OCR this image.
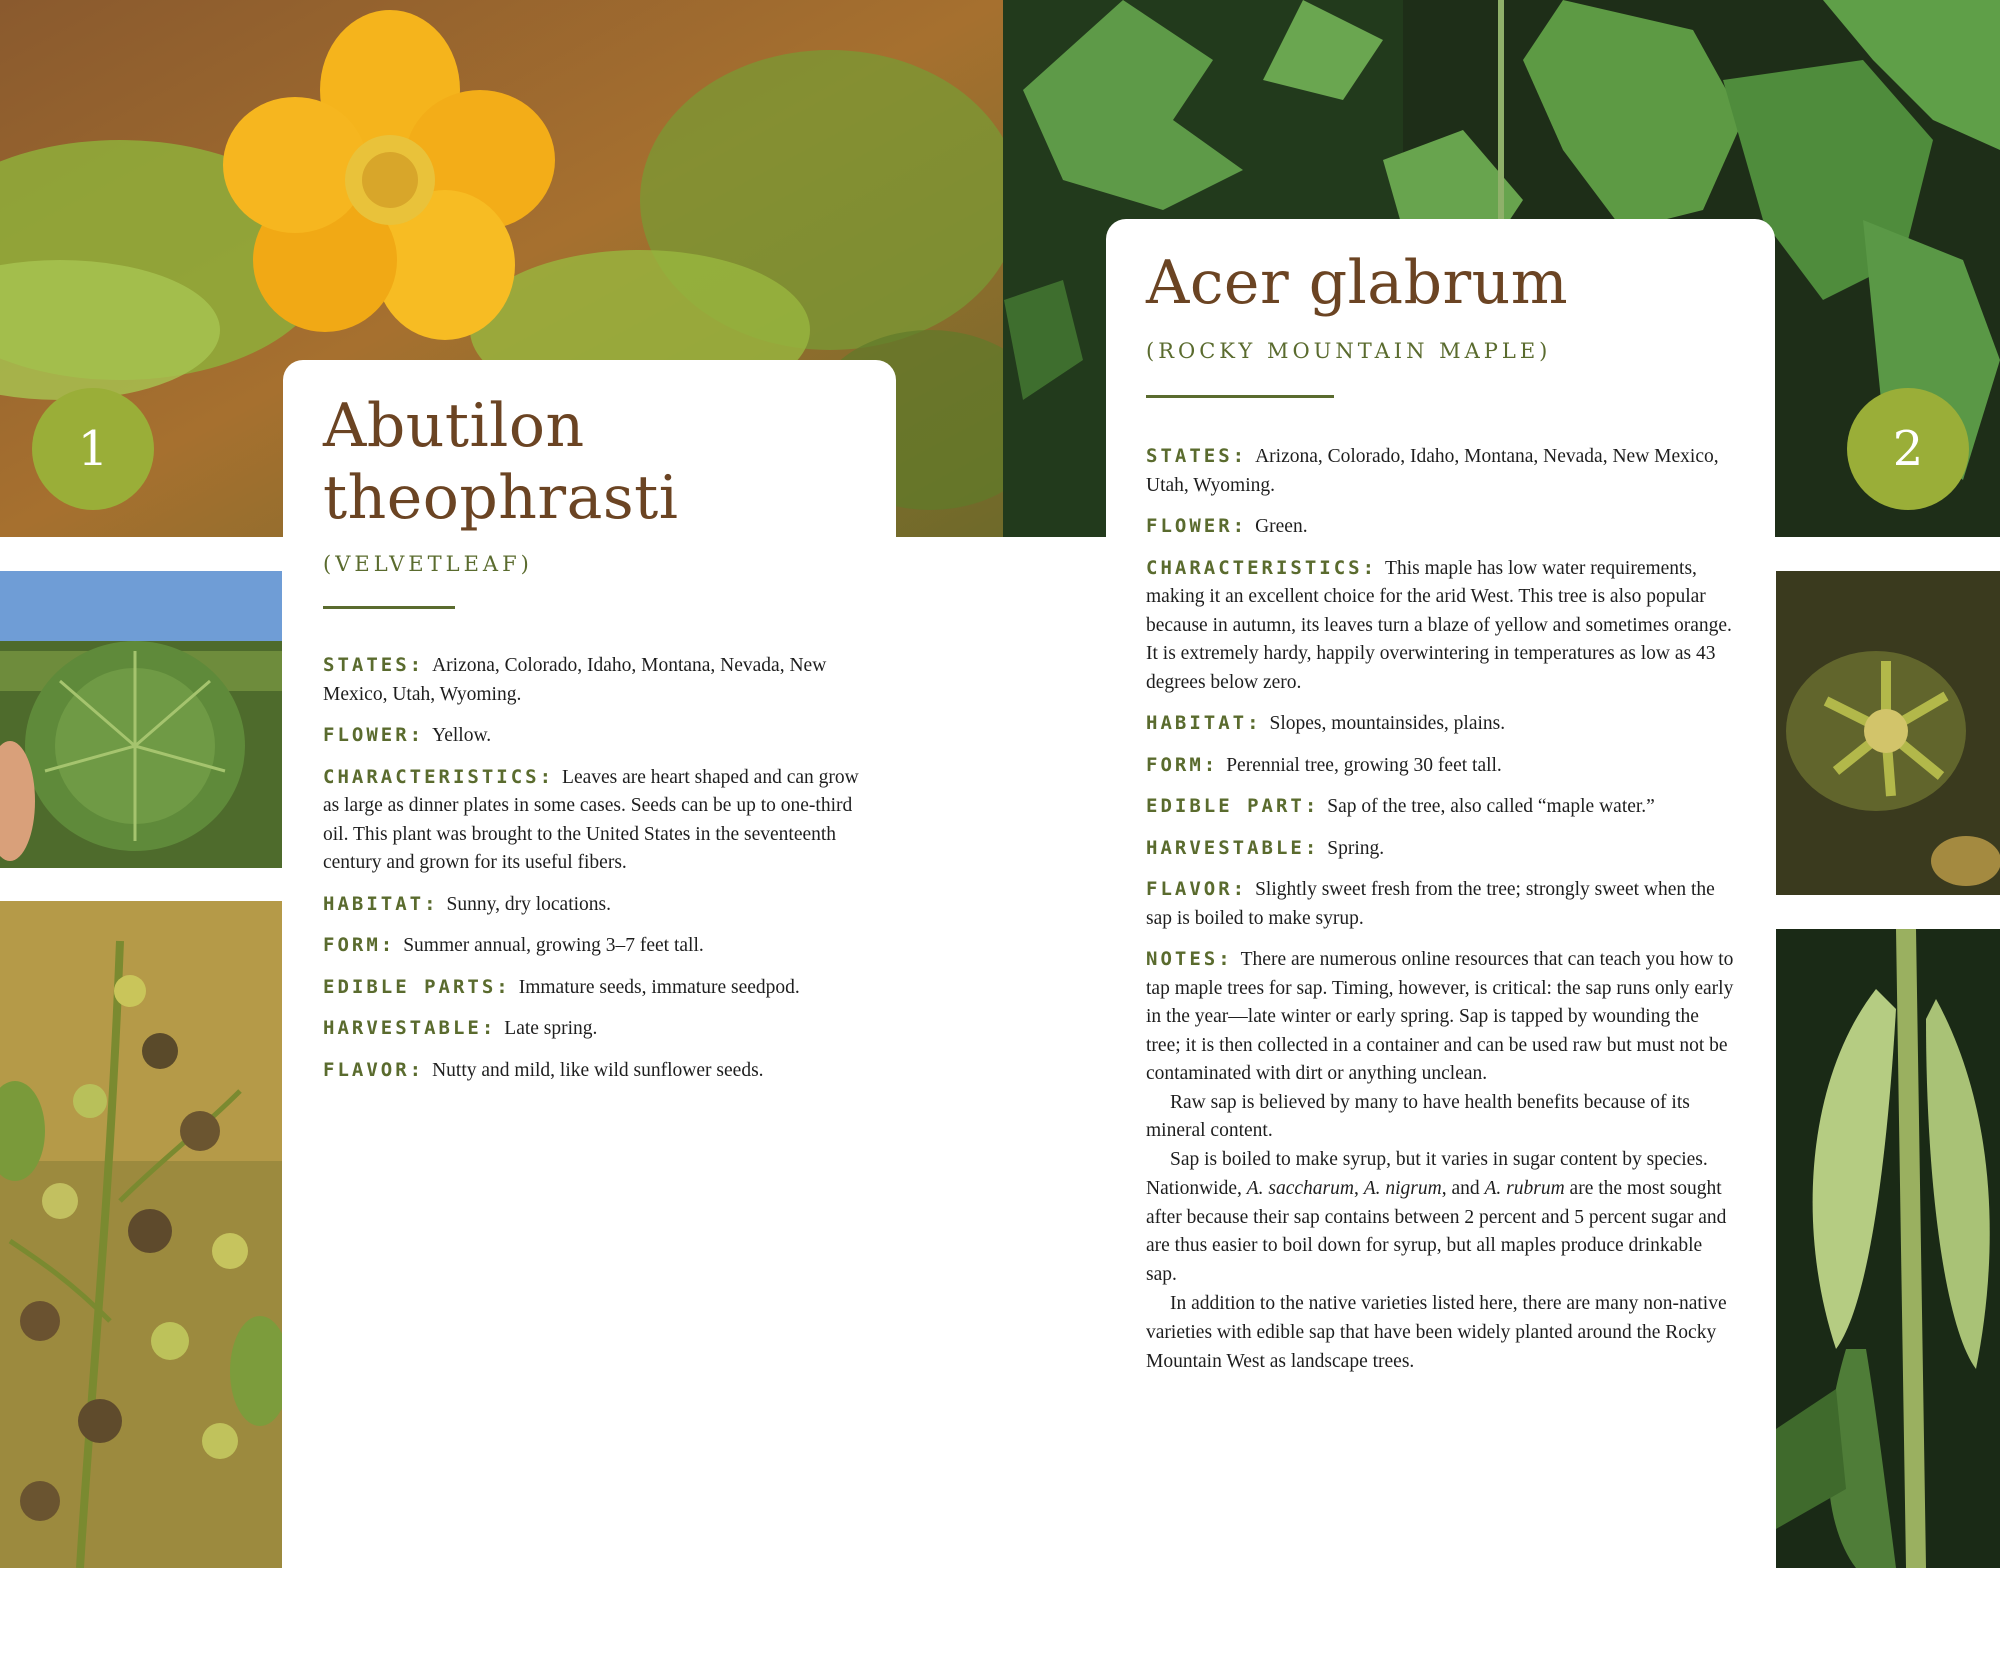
1	2
Abutilon
theophrasti

(VELVETLEAF)

STATES: Arizona, Colorado, Idaho, Montana, Nevada, New Mexico, Utah, Wyoming.

FLOWER: Yellow.

CHARACTERISTICS: Leaves are heart shaped and can grow as large as dinner plates in some cases. Seeds can be up to one-third oil. This plant was brought to the United States in the seventeenth century and grown for its useful fibers.

HABITAT: Sunny, dry locations.

FORM: Summer annual, growing 3–7 feet tall.

EDIBLE PARTS: Immature seeds, immature seedpod.

HARVESTABLE: Late spring.

FLAVOR: Nutty and mild, like wild sunflower seeds.

Acer glabrum

(ROCKY MOUNTAIN MAPLE)

STATES: Arizona, Colorado, Idaho, Montana, Nevada, New Mexico, Utah, Wyoming.

FLOWER: Green.

CHARACTERISTICS: This maple has low water requirements, making it an excellent choice for the arid West. This tree is also popular because in autumn, its leaves turn a blaze of yellow and sometimes orange. It is extremely hardy, happily overwintering in temperatures as low as 43 degrees below zero.

HABITAT: Slopes, mountainsides, plains.

FORM: Perennial tree, growing 30 feet tall.

EDIBLE PART: Sap of the tree, also called “maple water.”

HARVESTABLE: Spring.

FLAVOR: Slightly sweet fresh from the tree; strongly sweet when the sap is boiled to make syrup.

NOTES: There are numerous online resources that can teach you how to tap maple trees for sap. Timing, however, is critical: the sap runs only early in the year—late winter or early spring. Sap is tapped by wounding the tree; it is then collected in a container and can be used raw but must not be contaminated with dirt or anything unclean.

Raw sap is believed by many to have health benefits because of its mineral content.

Sap is boiled to make syrup, but it varies in sugar content by species. Nationwide, A. saccharum, A. nigrum, and A. rubrum are the most sought after because their sap contains between 2 percent and 5 percent sugar and are thus easier to boil down for syrup, but all maples produce drinkable sap.

In addition to the native varieties listed here, there are many non-native varieties with edible sap that have been widely planted around the Rocky Mountain West as landscape trees.
